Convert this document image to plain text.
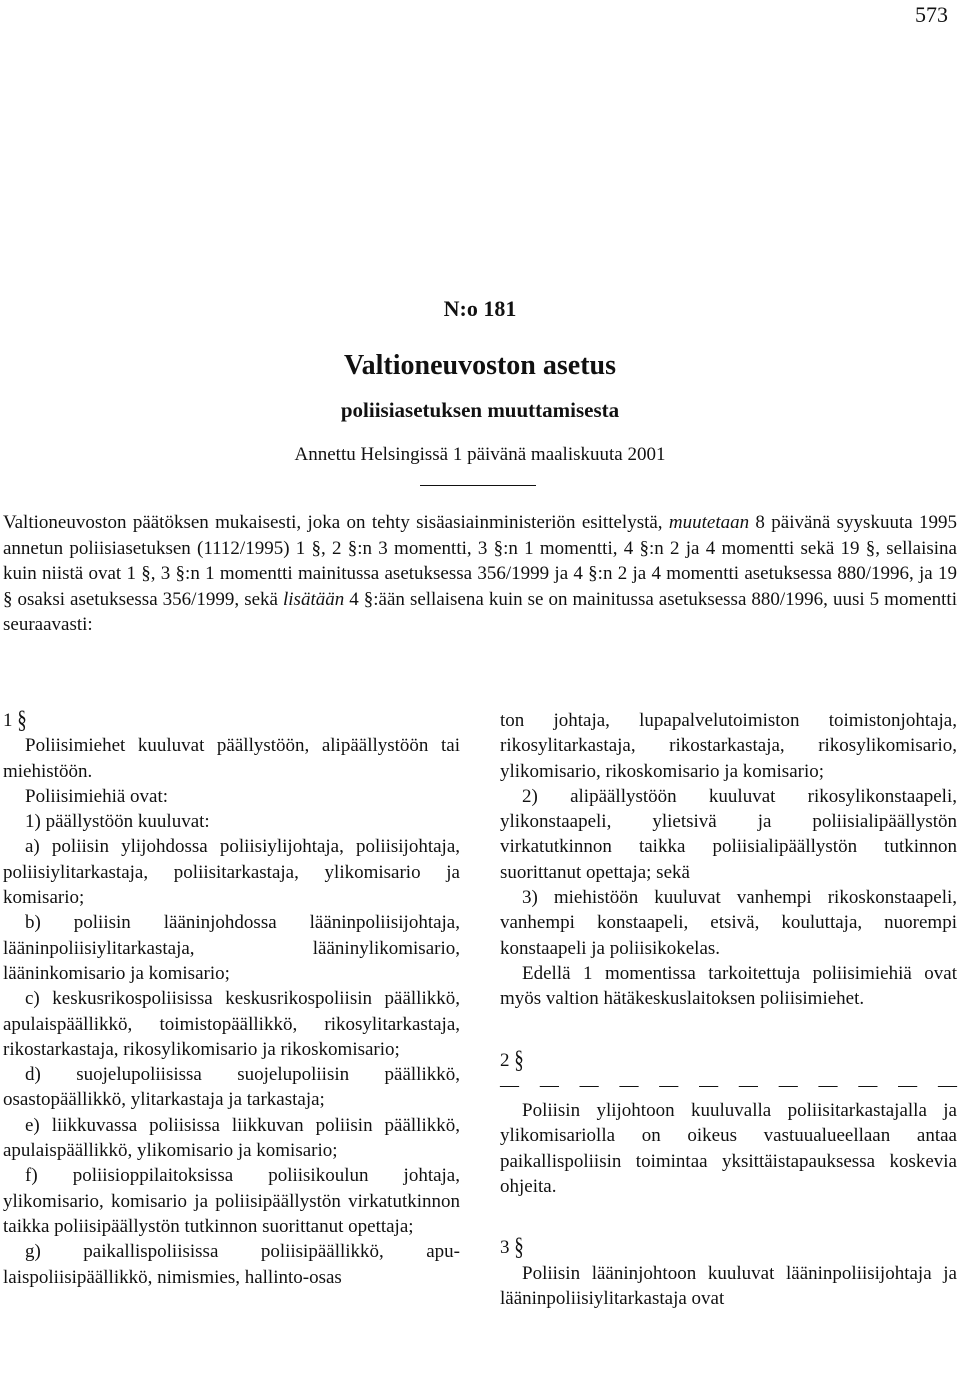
573
N:o 181
Valtioneuvoston asetus
poliisiasetuksen muuttamisesta
Annettu Helsingissä 1 päivänä maaliskuuta 2001

Valtioneuvoston päätöksen mukaisesti, joka on tehty sisäasiainministeriön esittelystä, muutetaan 8 päivänä syyskuuta 1995 annetun poliisiasetuksen (1112/1995) 1 §, 2 §:n 3 momentti, 3 §:n 1 momentti, 4 §:n 2 ja 4 momentti sekä 19 §, sellaisina kuin niistä ovat 1 §, 3 §:n 1 momentti mainitussa asetuksessa 356/1999 ja 4 §:n 2 ja 4 momentti asetuksessa 880/1996, ja 19 § osaksi asetuksessa 356/1999, sekä lisätään 4 §:ään sellaisena kuin se on mainitussa asetuksessa 880/1996, uusi 5 momentti seuraavasti:

1 §

Poliisimiehet kuuluvat päällystöön, alipäällystöön tai miehistöön.

Poliisimiehiä ovat:

1) päällystöön kuuluvat:

a) poliisin ylijohdossa poliisiylijohtaja, poliisijohtaja, poliisiylitarkastaja, poliisitarkastaja, ylikomisario ja komisario;

b) poliisin lääninjohdossa lääninpoliisijohtaja, lääninpoliisiylitarkastaja, lääninylikomisario, lääninkomisario ja komisario;

c) keskusrikospoliisissa keskusrikospoliisin päällikkö, apulaispäällikkö, toimistopäällikkö, rikosylitarkastaja, rikostarkastaja, rikosylikomisario ja rikoskomisario;

d) suojelupoliisissa suojelupoliisin päällikkö, osastopäällikkö, ylitarkastaja ja tarkastaja;

e) liikkuvassa poliisissa liikkuvan poliisin päällikkö, apulaispäällikkö, ylikomisario ja komisario;

f) poliisioppilaitoksissa poliisikoulun johtaja, ylikomisario, komisario ja poliisipäällystön virkatutkinnon taikka poliisipäällystön tutkinnon suorittanut opettaja;

g) paikallispoliisissa poliisipäällikkö, apulaispoliisipäällikkö, nimismies, hallinto-osas

ton johtaja, lupapalvelutoimiston toimistonjohtaja, rikosylitarkastaja, rikostarkastaja, rikosylikomisario, ylikomisario, rikoskomisario ja komisario;

2) alipäällystöön kuuluvat rikosylikonstaapeli, ylikonstaapeli, ylietsivä ja poliisialipäällystön virkatutkinnon taikka poliisialipäällystön tutkinnon suorittanut opettaja; sekä

3) miehistöön kuuluvat vanhempi rikoskonstaapeli, vanhempi konstaapeli, etsivä, kouluttaja, nuorempi konstaapeli ja poliisikokelas.

Edellä 1 momentissa tarkoitettuja poliisimiehiä ovat myös valtion hätäkeskuslaitoksen poliisimiehet.

2 §

— — — — — — — — — — — —

Poliisin ylijohtoon kuuluvalla poliisitarkastajalla ja ylikomisariolla on oikeus vastuualueellaan antaa paikallispoliisin toimintaa yksittäistapauksessa koskevia ohjeita.

3 §

Poliisin lääninjohtoon kuuluvat lääninpoliisijohtaja ja lääninpoliisiylitarkastaja ovat
